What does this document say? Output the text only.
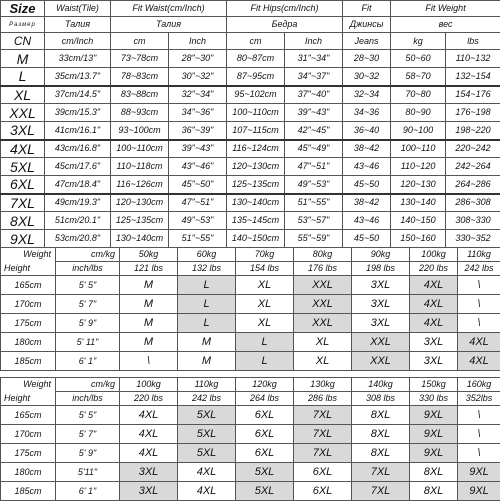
Size	Waist(Tile)	Fit Waist(cm/Inch)		Fit Hips(cm/Inch)		Fit	Fit Weight	
Размер	Талия	Талия		Бедра		Джинсы	вес	
CN	cm/Inch	cm	Inch	cm	Inch	Jeans	kg	lbs
M	33cm/13"	73~78cm	28"~30"	80~87cm	31"~34"	28~30	50~60	110~132
L	35cm/13.7"	78~83cm	30"~32"	87~95cm	34"~37"	30~32	58~70	132~154
XL	37cm/14.5"	83~88cm	32"~34"	95~102cm	37"~40"	32~34	70~80	154~176
XXL	39cm/15.3"	88~93cm	34"~36"	100~110cm	39"~43"	34~36	80~90	176~198
3XL	41cm/16.1"	93~100cm	36"~39"	107~115cm	42"~45"	36~40	90~100	198~220
4XL	43cm/16.8"	100~110cm	39"~43"	116~124cm	45"~49"	38~42	100~110	220~242
5XL	45cm/17.6"	110~118cm	43"~46"	120~130cm	47"~51"	43~46	110~120	242~264
6XL	47cm/18.4"	116~126cm	45"~50"	125~135cm	49"~53"	45~50	120~130	264~286
7XL	49cm/19.3"	120~130cm	47"~51"	130~140cm	51"~55"	38~42	130~140	286~308
8XL	51cm/20.1"	125~135cm	49"~53"	135~145cm	53"~57"	43~46	140~150	308~330
9XL	53cm/20.8"	130~140cm	51"~55"	140~150cm	55"~59"	45~50	150~160	330~352
Weight
Height	cm/kg	50kg	60kg	70kg	80kg	90kg	100kg	110kg
	inch/lbs	121 lbs	132 lbs	154 lbs	176 lbs	198 lbs	220 lbs	242 lbs
165cm	5' 5"	M	L	XL	XXL	3XL	4XL	\
170cm	5' 7"	M	L	XL	XXL	3XL	4XL	\
175cm	5' 9"	M	L	XL	XXL	3XL	4XL	\
180cm	5' 11"	M	M	L	XL	XXL	3XL	4XL
185cm	6' 1"	\	M	L	XL	XXL	3XL	4XL
Weight
Height	cm/kg	100kg	110kg	120kg	130kg	140kg	150kg	160kg
	inch/lbs	220 lbs	242 lbs	264 lbs	286 lbs	308 lbs	330 lbs	352lbs
165cm	5' 5"	4XL	5XL	6XL	7XL	8XL	9XL	\
170cm	5' 7"	4XL	5XL	6XL	7XL	8XL	9XL	\
175cm	5' 9"	4XL	5XL	6XL	7XL	8XL	9XL	\
180cm	5'11"	3XL	4XL	5XL	6XL	7XL	8XL	9XL
185cm	6' 1"	3XL	4XL	5XL	6XL	7XL	8XL	9XL
